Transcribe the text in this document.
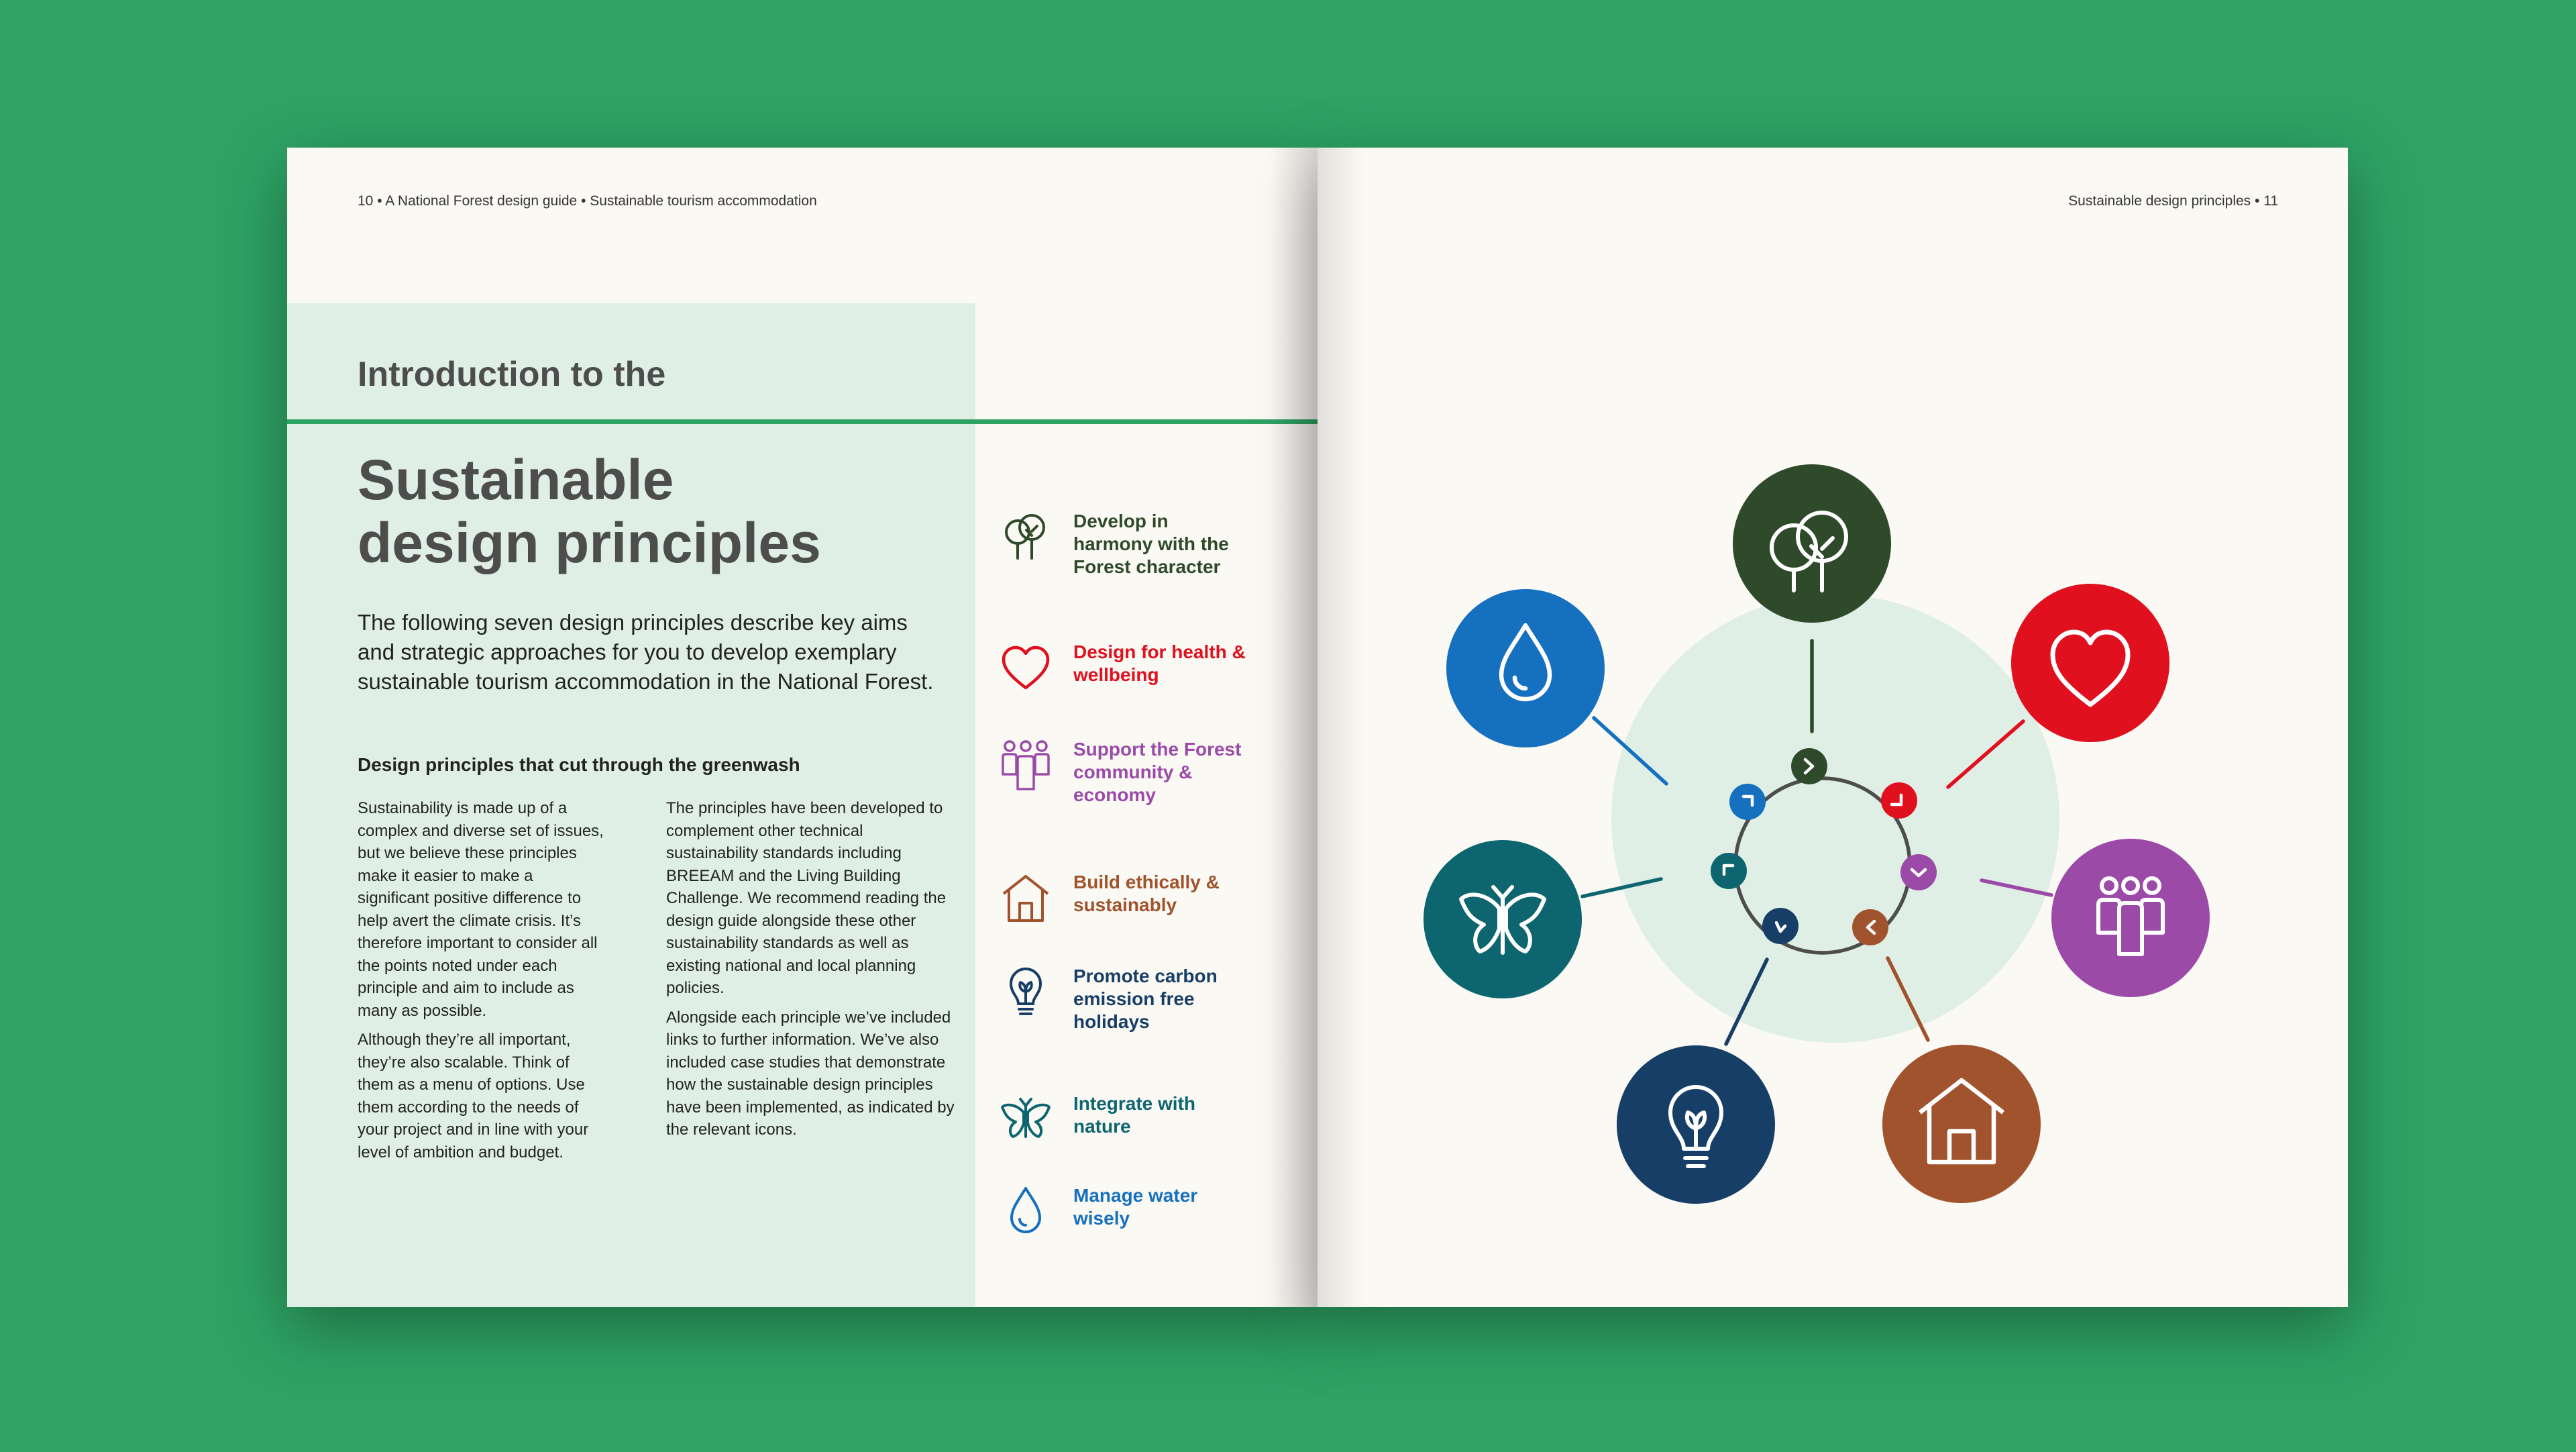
10 • A National Forest design guide • Sustainable tourism accommodation
Introduction to the
Sustainable
design principles
The following seven design principles describe key aims and strategic approaches for you to develop exemplary sustainable tourism accommodation in the National Forest.
Design principles that cut through the greenwash

Sustainability is made up of a complex and diverse set of issues, but we believe these principles make it easier to make a significant positive difference to help avert the climate crisis. It’s therefore important to consider all the points noted under each principle and aim to include as many as possible.

Although they’re all important, they’re also scalable. Think of them as a menu of options. Use them according to the needs of your project and in line with your level of ambition and budget.

The principles have been developed to complement other technical sustainability standards including BREEAM and the Living Building Challenge. We recommend reading the design guide alongside these other sustainability standards as well as existing national and local planning policies.

Alongside each principle we’ve included links to further information. We’ve also included case studies that demonstrate how the sustainable design principles have been implemented, as indicated by the relevant icons.

Develop in harmony with the Forest character
Design for health & wellbeing
Support the Forest community & economy
Build ethically & sustainably
Promote carbon emission free holidays
Integrate with nature
Manage water wisely
Sustainable design principles • 11
